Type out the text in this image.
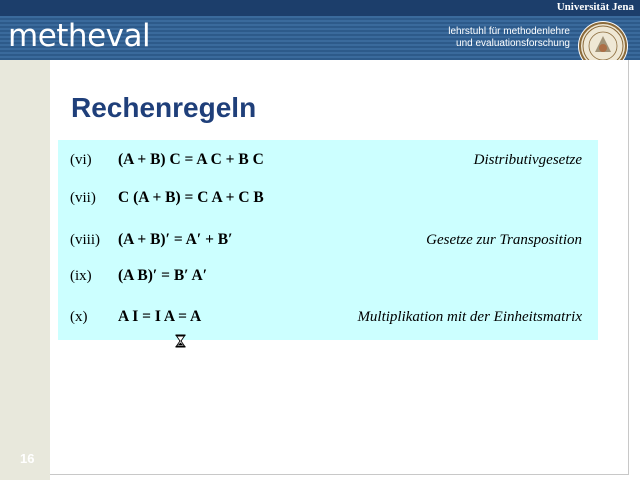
Universität Jena
metheval	lehrstuhl für methodenlehre
und evaluationsforschung
Rechenregeln
(vi) (A + B) C = A C + B C	Distributivgesetze
(vii) C (A + B) = C A + C B
(viii) (A + B)′ = A′ + B′	Gesetze zur Transposition
(ix) (A B)′ = B′ A′
(x) A I = I A = A	Multiplikation mit der Einheitsmatrix
16
